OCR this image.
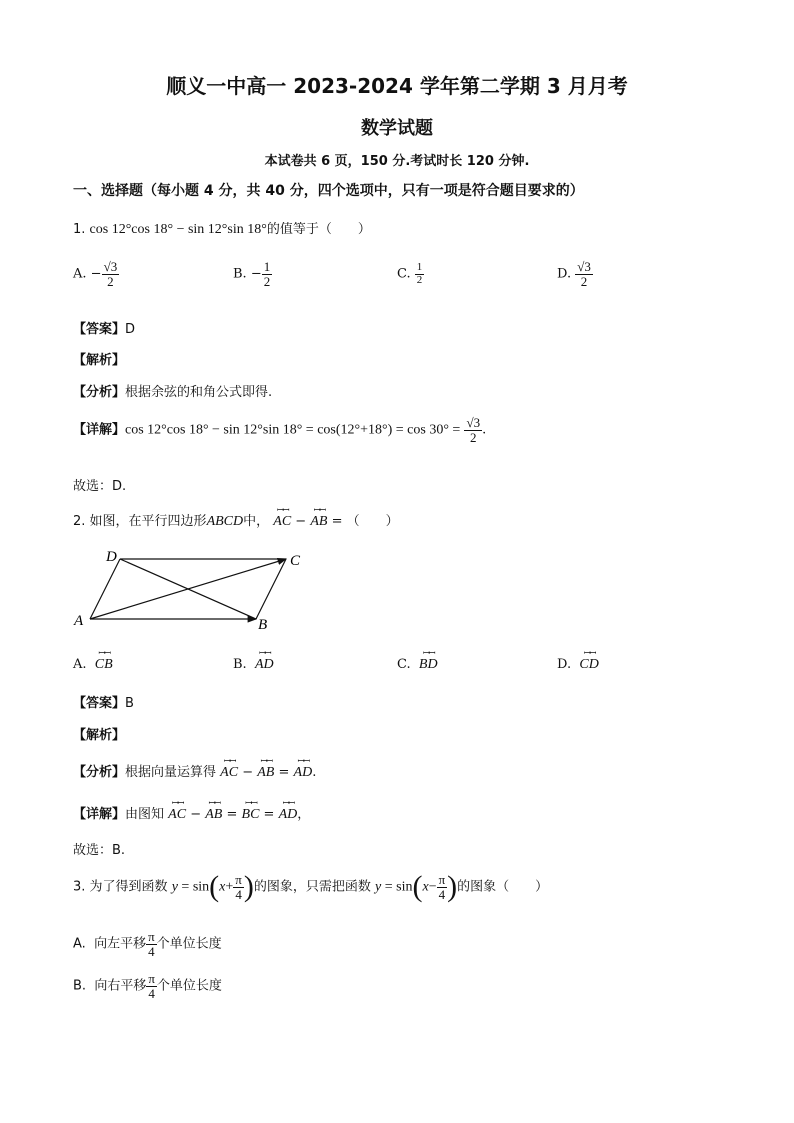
顺义一中高一 2023-2024 学年第二学期 3 月月考
数学试题
本试卷共 6 页，150 分.考试时长 120 分钟.
一、选择题（每小题 4 分，共 40 分，四个选项中，只有一项是符合题目要求的）
1. cos 12°cos 18° − sin 12°sin 18°的值等于（　　）
A. − $\frac{√3}{2}$	B. − $\frac{1}{2}$	C. $\frac{1}{2}$	D. $\frac{√3}{2}$
【答案】D
【解析】
【分析】根据余弦的和角公式即得.
【详解】cos 12°cos 18° − sin 12°sin $18^\circ = \cos(12^\circ+18^\circ) = \cos 30^\circ = \frac{√3}{2}$ .
故选：D.
2. 如图，在平行四边形ABCD中， ꟷꟷ AC − ꟷꟷ AB = （　　）
A	B
C
D
A. ꟷꟷ CB	B. ꟷꟷ AD	C. ꟷꟷ BD	D. ꟷꟷ CD
【答案】B
【解析】
【分析】根据向量运算得 ꟷꟷ AC − ꟷꟷ AB = ꟷꟷ AD.
【详解】由图知 ꟷꟷ AC − ꟷꟷ AB = ꟷꟷ BC = ꟷꟷ AD，
故选：B.
3. 为了得到函数 $y = \sin(x+ \frac{\pi}{4}$ )的图象，只需把函数 $y = \sin(x- \frac{\pi}{4}$ )的图象（　　）
A. 向左平移 $\frac{\pi}{4}$ 个单位长度
B. 向右平移 $\frac{\pi}{4}$ 个单位长度
